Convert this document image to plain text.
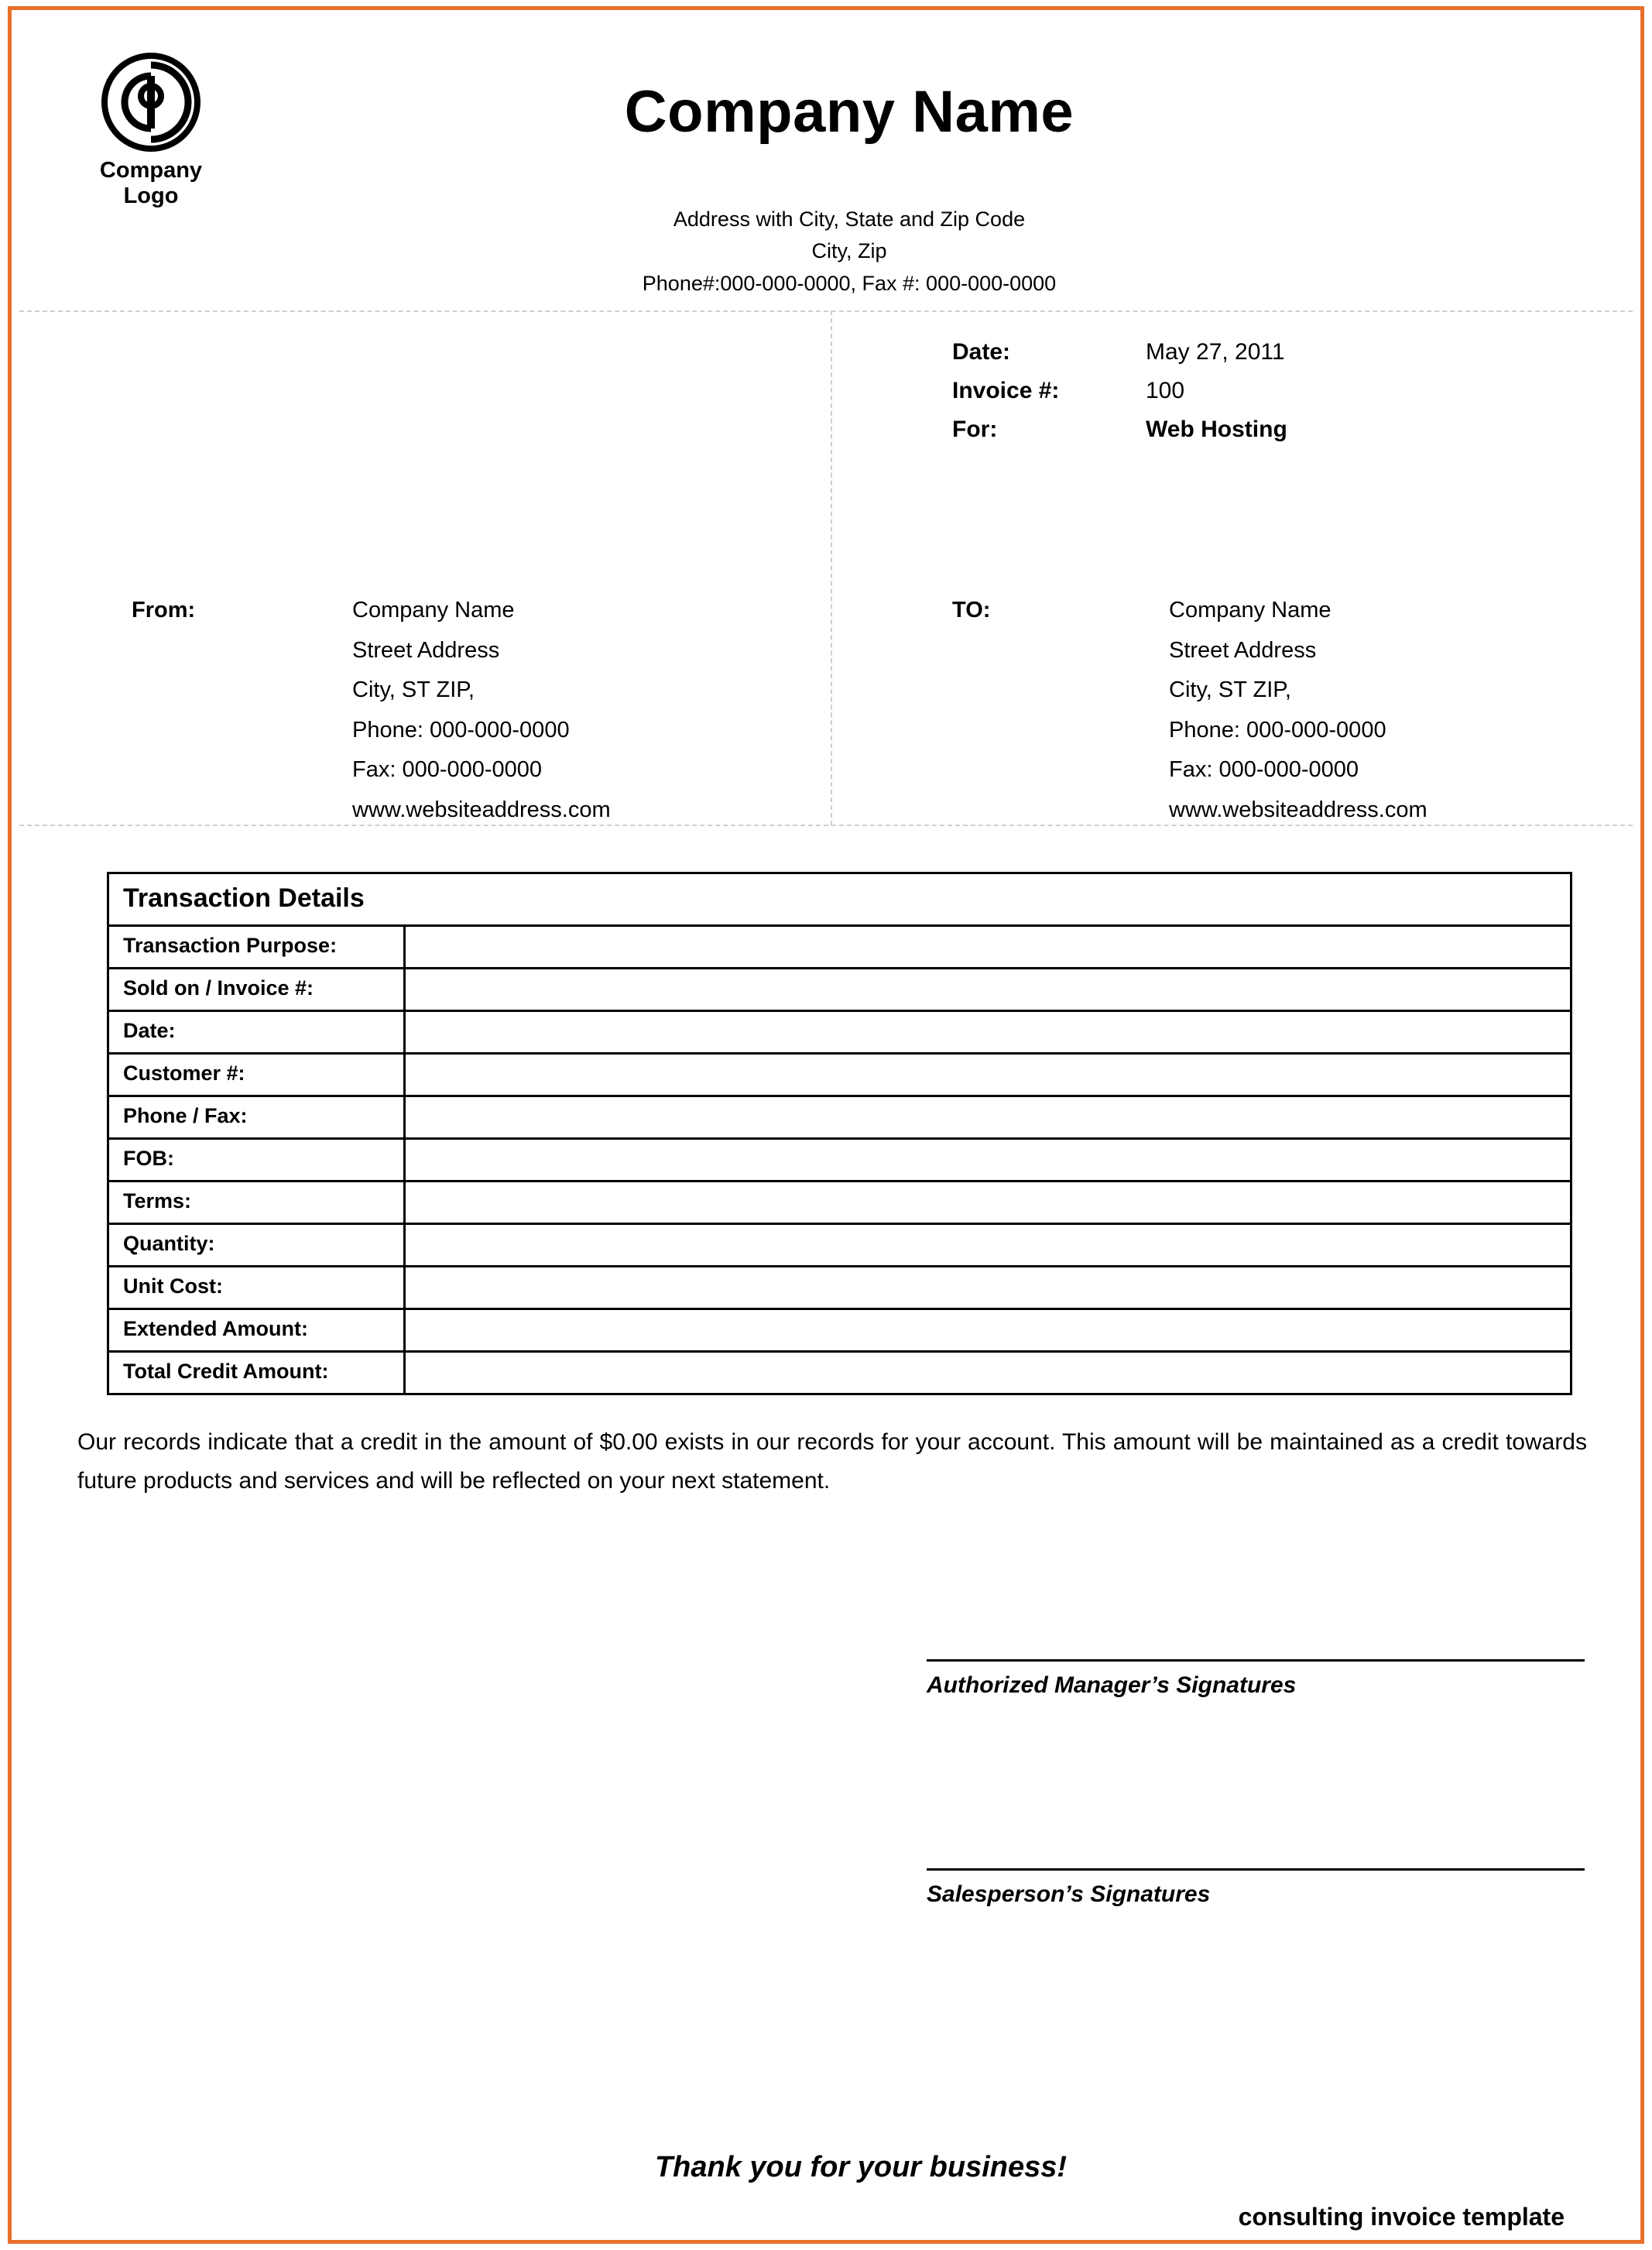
Company
Logo
Company Name
Address with City, State and Zip Code
City, Zip
Phone#:000-000-0000, Fax #: 000-000-0000
Date:	May 27, 2011
Invoice #:	100
For:	Web Hosting
From:	Company Name
Street Address
City, ST ZIP,
Phone: 000-000-0000
Fax: 000-000-0000
www.websiteaddress.com
TO:	Company Name
Street Address
City, ST ZIP,
Phone: 000-000-0000
Fax: 000-000-0000
www.websiteaddress.com
Transaction Details
Transaction Purpose:
Sold on / Invoice #:
Date:
Customer #:
Phone / Fax:
FOB:
Terms:
Quantity:
Unit Cost:
Extended Amount:
Total Credit Amount:
Our records indicate that a credit in the amount of $0.00 exists in our records for your account. This amount will be maintained as a credit towards future products and services and will be reflected on your next statement.
Authorized Manager’s Signatures
Salesperson’s Signatures
Thank you for your business!
consulting invoice template
